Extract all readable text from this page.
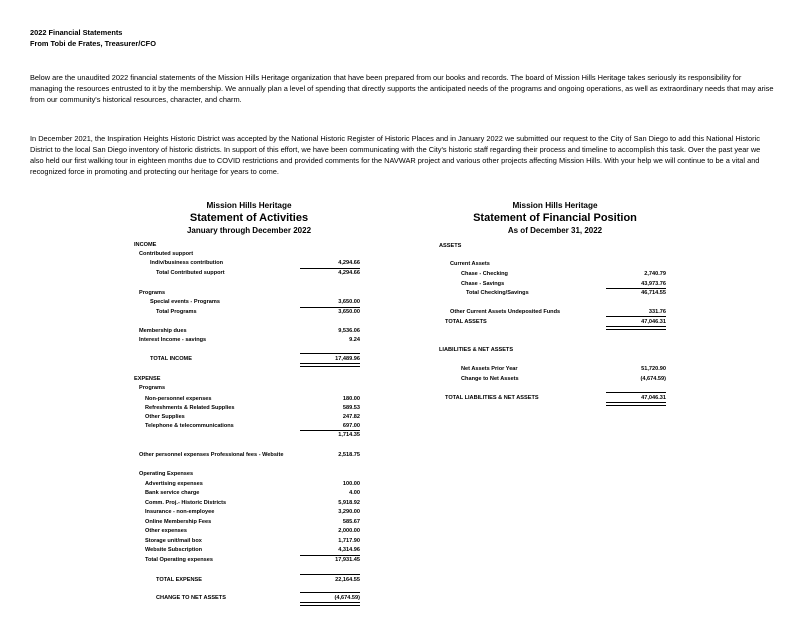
2022 Financial Statements
From Tobi de Frates, Treasurer/CFO

Below are the unaudited 2022 financial statements of the Mission Hills Heritage organization that have been prepared from our books and records. The board of Mission Hills Heritage takes seriously its responsibility for managing the resources entrusted to it by the membership. We annually plan a level of spending that directly supports the anticipated needs of the programs and ongoing operations, as well as extraordinary needs that may arise from our community's historical resources, character, and charm.

In December 2021, the Inspiration Heights Historic District was accepted by the National Historic Register of Historic Places and in January 2022 we submitted our request to the City of San Diego to add this National Historic District to the local San Diego inventory of historic districts. In support of this effort, we have been communicating with the City's historic staff regarding their process and timeline to accomplish this task. Over the past year we also held our first walking tour in eighteen months due to COVID restrictions and provided comments for the NAVWAR project and various other projects affecting Mission Hills. With your help we will continue to be a vital and recognized force in promoting and protecting our heritage for years to come.

Mission Hills Heritage
Statement of Activities
January through December 2022
INCOME
Contributed support
Indiv/business contribution	4,294.66
Total Contributed support	4,294.66
Programs
Special events - Programs	3,650.00
Total Programs	3,650.00
Membership dues	9,536.06
Interest Income - savings	9.24
TOTAL INCOME	17,489.96
EXPENSE
Programs
Non-personnel expenses	180.00
Refreshments & Related Supplies	589.53
Other Supplies	247.82
Telephone & telecommunications	697.00
1,714.35
Other personnel expenses Professional fees - Website	2,518.75
Operating Expenses
Advertising expenses	100.00
Bank service charge	4.00
Comm. Proj.- Historic Districts	5,918.92
Insurance - non-employee	3,290.00
Online Membership Fees	585.67
Other expenses	2,000.00
Storage unit/mail box	1,717.90
Website Subscription	4,314.96
Total Operating expenses	17,931.45
TOTAL EXPENSE	22,164.55
CHANGE TO NET ASSETS	(4,674.59)
Mission Hills Heritage
Statement of Financial Position
As of December 31, 2022
ASSETS
Current Assets
Chase - Checking	2,740.79
Chase - Savings	43,973.76
Total Checking/Savings	46,714.55
Other Current Assets Undeposited Funds	331.76
TOTAL ASSETS	47,046.31
LIABILITIES & NET ASSETS
Net Assets Prior Year	51,720.90
Change to Net Assets	(4,674.59)
TOTAL LIABILITIES & NET ASSETS	47,046.31
